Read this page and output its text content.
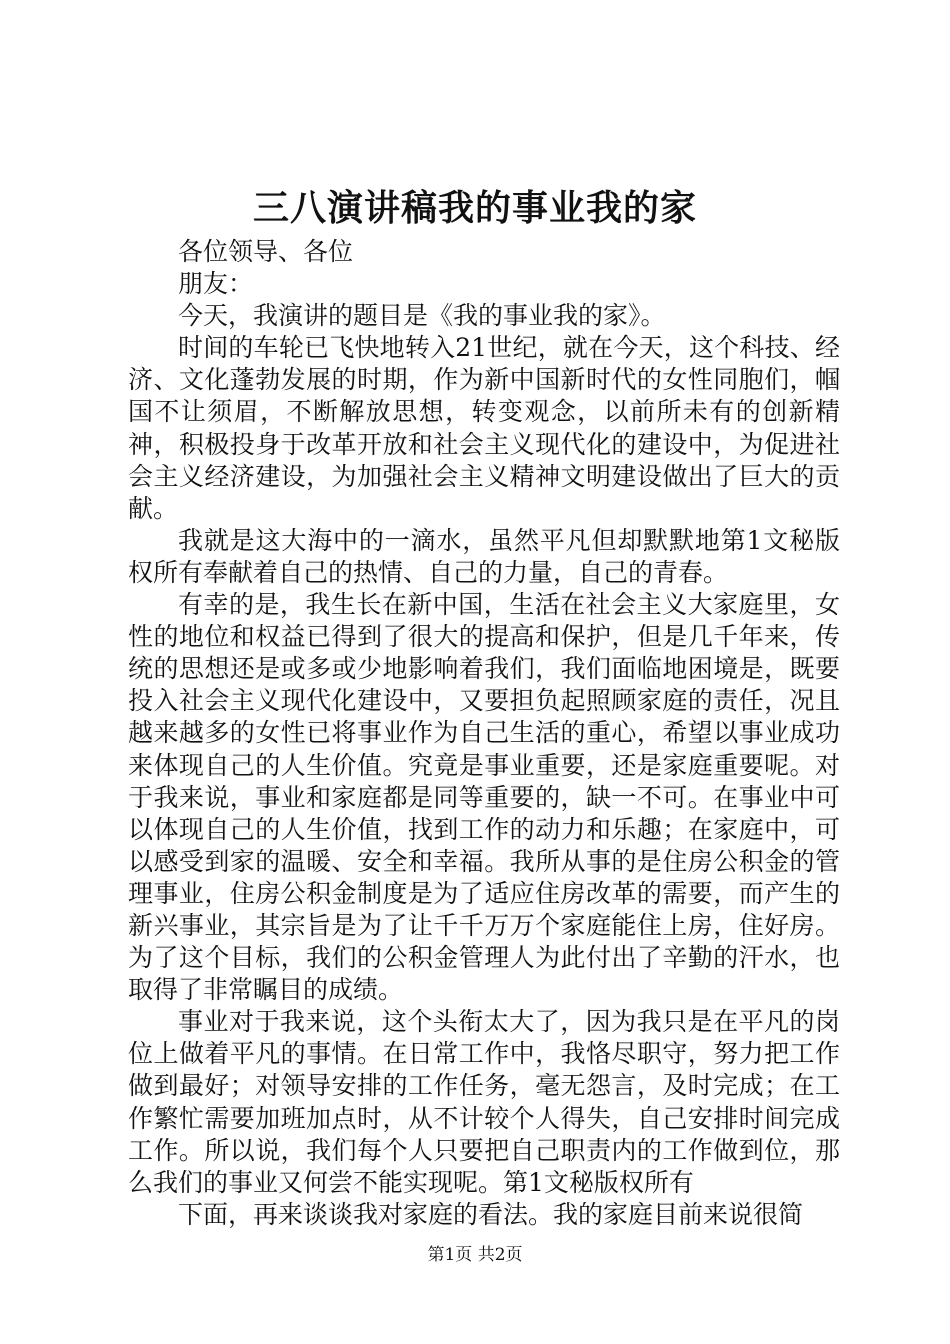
三八演讲稿我的事业我的家

各位领导、各位

朋友：

今天，我演讲的题目是《我的事业我的家》。

时间的车轮已飞快地转入21世纪，就在今天，这个科技、经济、文化蓬勃发展的时期，作为新中国新时代的女性同胞们，帼国不让须眉，不断解放思想，转变观念，以前所未有的创新精神，积极投身于改革开放和社会主义现代化的建设中，为促进社会主义经济建设，为加强社会主义精神文明建设做出了巨大的贡献。

我就是这大海中的一滴水，虽然平凡但却默默地第1文秘版权所有奉献着自己的热情、自己的力量，自己的青春。

有幸的是，我生长在新中国，生活在社会主义大家庭里，女性的地位和权益已得到了很大的提高和保护，但是几千年来，传统的思想还是或多或少地影响着我们，我们面临地困境是，既要投入社会主义现代化建设中，又要担负起照顾家庭的责任，况且越来越多的女性已将事业作为自己生活的重心，希望以事业成功来体现自己的人生价值。究竟是事业重要，还是家庭重要呢。对于我来说，事业和家庭都是同等重要的，缺一不可。在事业中可以体现自己的人生价值，找到工作的动力和乐趣；在家庭中，可以感受到家的温暖、安全和幸福。我所从事的是住房公积金的管理事业，住房公积金制度是为了适应住房改革的需要，而产生的新兴事业，其宗旨是为了让千千万万个家庭能住上房，住好房。为了这个目标，我们的公积金管理人为此付出了辛勤的汗水，也取得了非常瞩目的成绩。

事业对于我来说，这个头衔太大了，因为我只是在平凡的岗位上做着平凡的事情。在日常工作中，我恪尽职守，努力把工作做到最好；对领导安排的工作任务，毫无怨言，及时完成；在工作繁忙需要加班加点时，从不计较个人得失，自己安排时间完成工作。所以说，我们每个人只要把自己职责内的工作做到位，那么我们的事业又何尝不能实现呢。第1文秘版权所有

下面，再来谈谈我对家庭的看法。我的家庭目前来说很简

第1页 共2页
